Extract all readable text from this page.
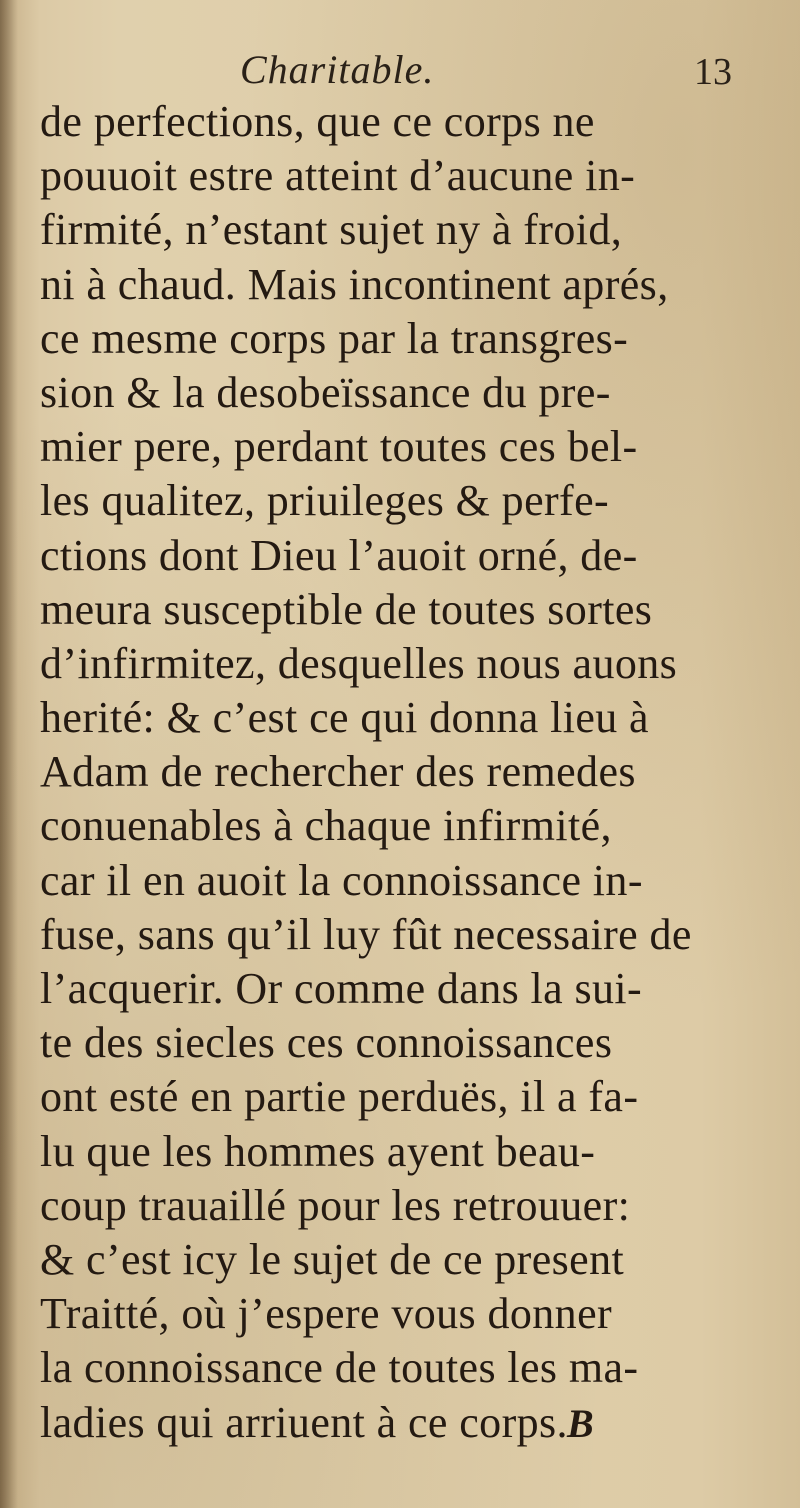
Charitable.	13
de perfections, que ce corps ne
pouuoit estre atteint d’aucune in-
firmité, n’estant sujet ny à froid,
ni à chaud. Mais incontinent aprés,
ce mesme corps par la transgres-
sion & la desobeïssance du pre-
mier pere, perdant toutes ces bel-
les qualitez, priuileges & perfe-
ctions dont Dieu l’auoit orné, de-
meura susceptible de toutes sortes
d’infirmitez, desquelles nous auons
herité: & c’est ce qui donna lieu à
Adam de rechercher des remedes
conuenables à chaque infirmité,
car il en auoit la connoissance in-
fuse, sans qu’il luy fût necessaire de
l’acquerir. Or comme dans la sui-
te des siecles ces connoissances
ont esté en partie perduës, il a fa-
lu que les hommes ayent beau-
coup trauaillé pour les retrouuer:
& c’est icy le sujet de ce present
Traitté, où j’espere vous donner
la connoissance de toutes les ma-
ladies qui arriuent à ce corps. B
